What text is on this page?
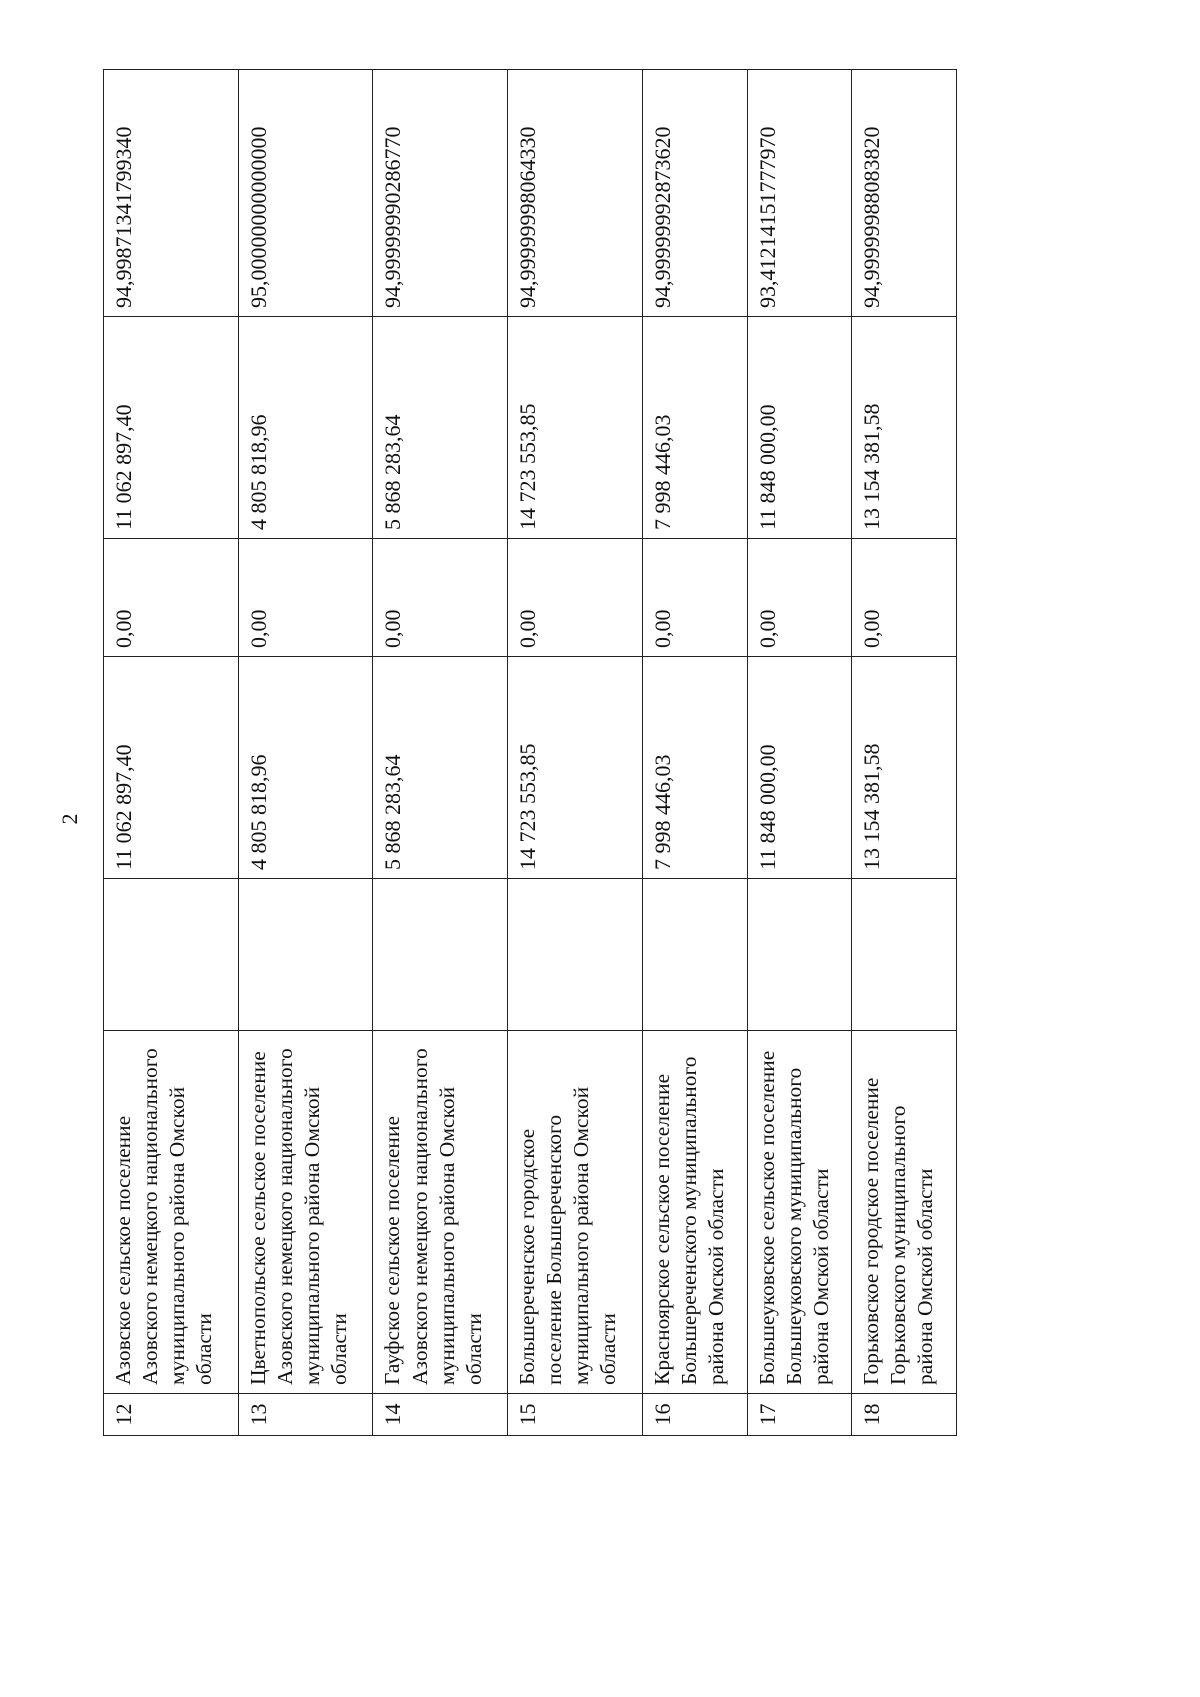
2
12	Азовское сельское поселение Азовского немецкого национального муниципального района Омской области		11 062 897,40	0,00	11 062 897,40	94,99871341799340
13	Цветнопольское сельское поселение Азовского немецкого национального муниципального района Омской области		4 805 818,96	0,00	4 805 818,96	95,00000000000000
14	Гауфское сельское поселение Азовского немецкого национального муниципального района Омской области		5 868 283,64	0,00	5 868 283,64	94,99999990286770
15	Большереченское городское поселение Большереченского муниципального района Омской области		14 723 553,85	0,00	14 723 553,85	94,99999998064330
16	Красноярское сельское поселение Большереченского муниципального района Омской области		7 998 446,03	0,00	7 998 446,03	94,99999992873620
17	Большеуковское сельское поселение Большеуковского муниципального района Омской области		11 848 000,00	0,00	11 848 000,00	93,41214151777970
18	Горьковское городское поселение Горьковского муниципального района Омской области		13 154 381,58	0,00	13 154 381,58	94,99999988083820
